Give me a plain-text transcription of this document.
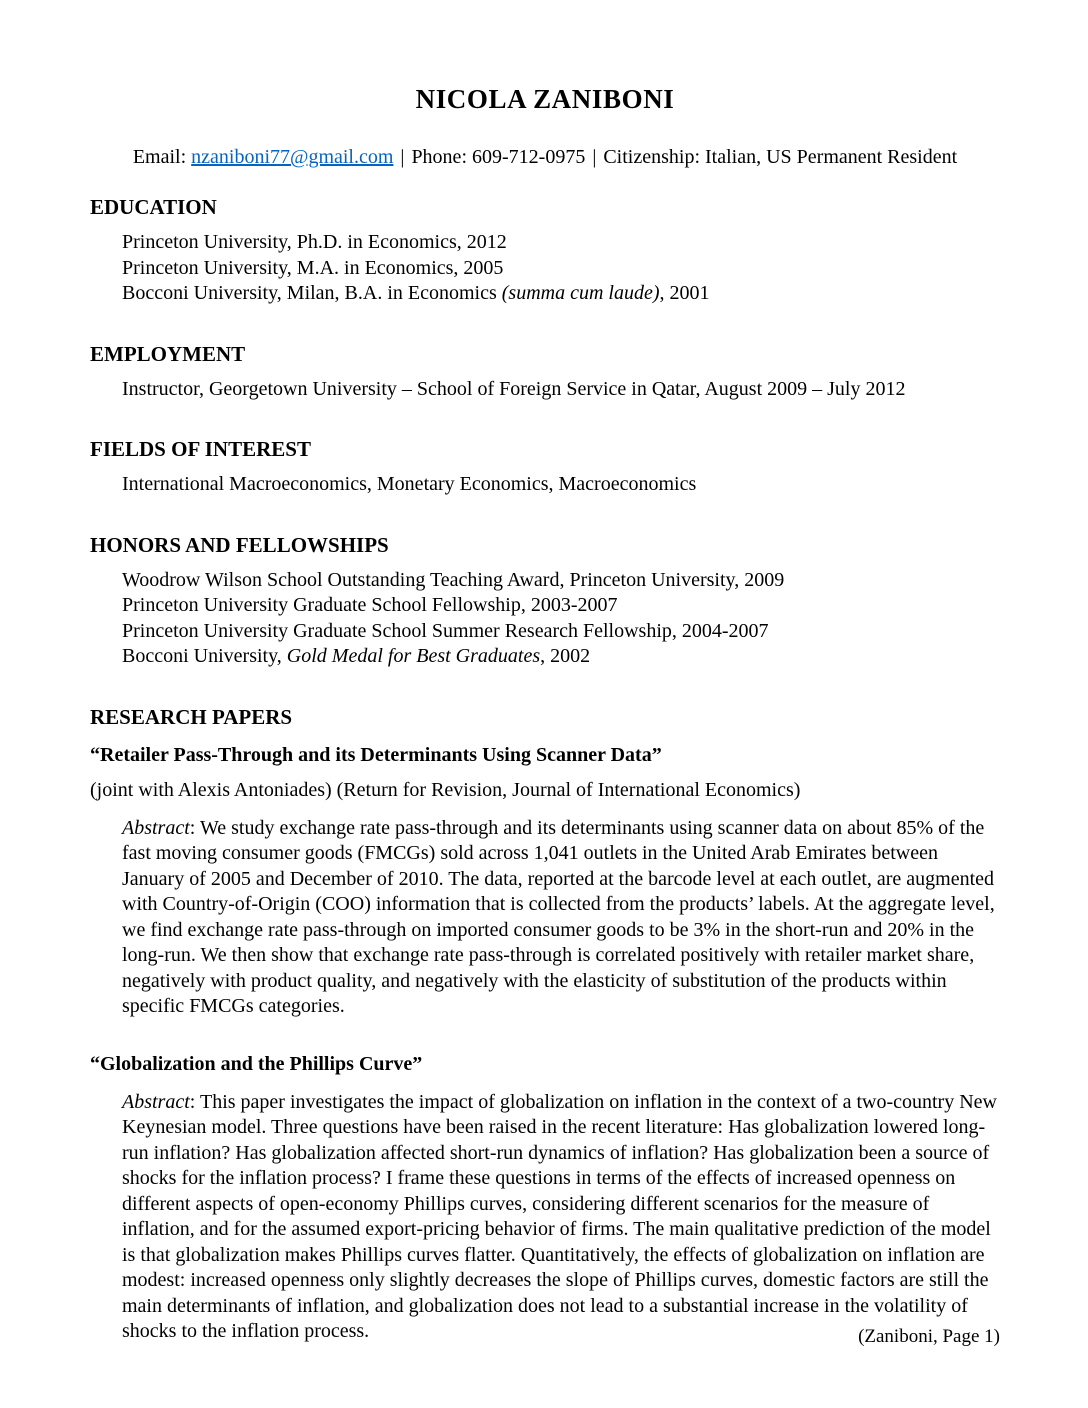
NICOLA ZANIBONI
Email: nzaniboni77@gmail.com | Phone: 609-712-0975 | Citizenship: Italian, US Permanent Resident
EDUCATION
Princeton University, Ph.D. in Economics, 2012
Princeton University, M.A. in Economics, 2005
Bocconi University, Milan, B.A. in Economics (summa cum laude), 2001
EMPLOYMENT
Instructor, Georgetown University – School of Foreign Service in Qatar, August 2009 – July 2012
FIELDS OF INTEREST
International Macroeconomics, Monetary Economics, Macroeconomics
HONORS AND FELLOWSHIPS
Woodrow Wilson School Outstanding Teaching Award, Princeton University, 2009
Princeton University Graduate School Fellowship, 2003-2007
Princeton University Graduate School Summer Research Fellowship, 2004-2007
Bocconi University, Gold Medal for Best Graduates, 2002
RESEARCH PAPERS
“Retailer Pass-Through and its Determinants Using Scanner Data”
(joint with Alexis Antoniades) (Return for Revision, Journal of International Economics)

Abstract: We study exchange rate pass-through and its determinants using scanner data on about 85% of the fast moving consumer goods (FMCGs) sold across 1,041 outlets in the United Arab Emirates between January of 2005 and December of 2010. The data, reported at the barcode level at each outlet, are augmented with Country-of-Origin (COO) information that is collected from the products’ labels. At the aggregate level, we find exchange rate pass-through on imported consumer goods to be 3% in the short-run and 20% in the long-run. We then show that exchange rate pass-through is correlated positively with retailer market share, negatively with product quality, and negatively with the elasticity of substitution of the products within specific FMCGs categories.

“Globalization and the Phillips Curve”

Abstract: This paper investigates the impact of globalization on inflation in the context of a two-country New Keynesian model. Three questions have been raised in the recent literature: Has globalization lowered long-run inflation? Has globalization affected short-run dynamics of inflation? Has globalization been a source of shocks for the inflation process? I frame these questions in terms of the effects of increased openness on different aspects of open-economy Phillips curves, considering different scenarios for the measure of inflation, and for the assumed export-pricing behavior of firms. The main qualitative prediction of the model is that globalization makes Phillips curves flatter. Quantitatively, the effects of globalization on inflation are modest: increased openness only slightly decreases the slope of Phillips curves, domestic factors are still the main determinants of inflation, and globalization does not lead to a substantial increase in the volatility of shocks to the inflation process.	(Zaniboni, Page 1)
